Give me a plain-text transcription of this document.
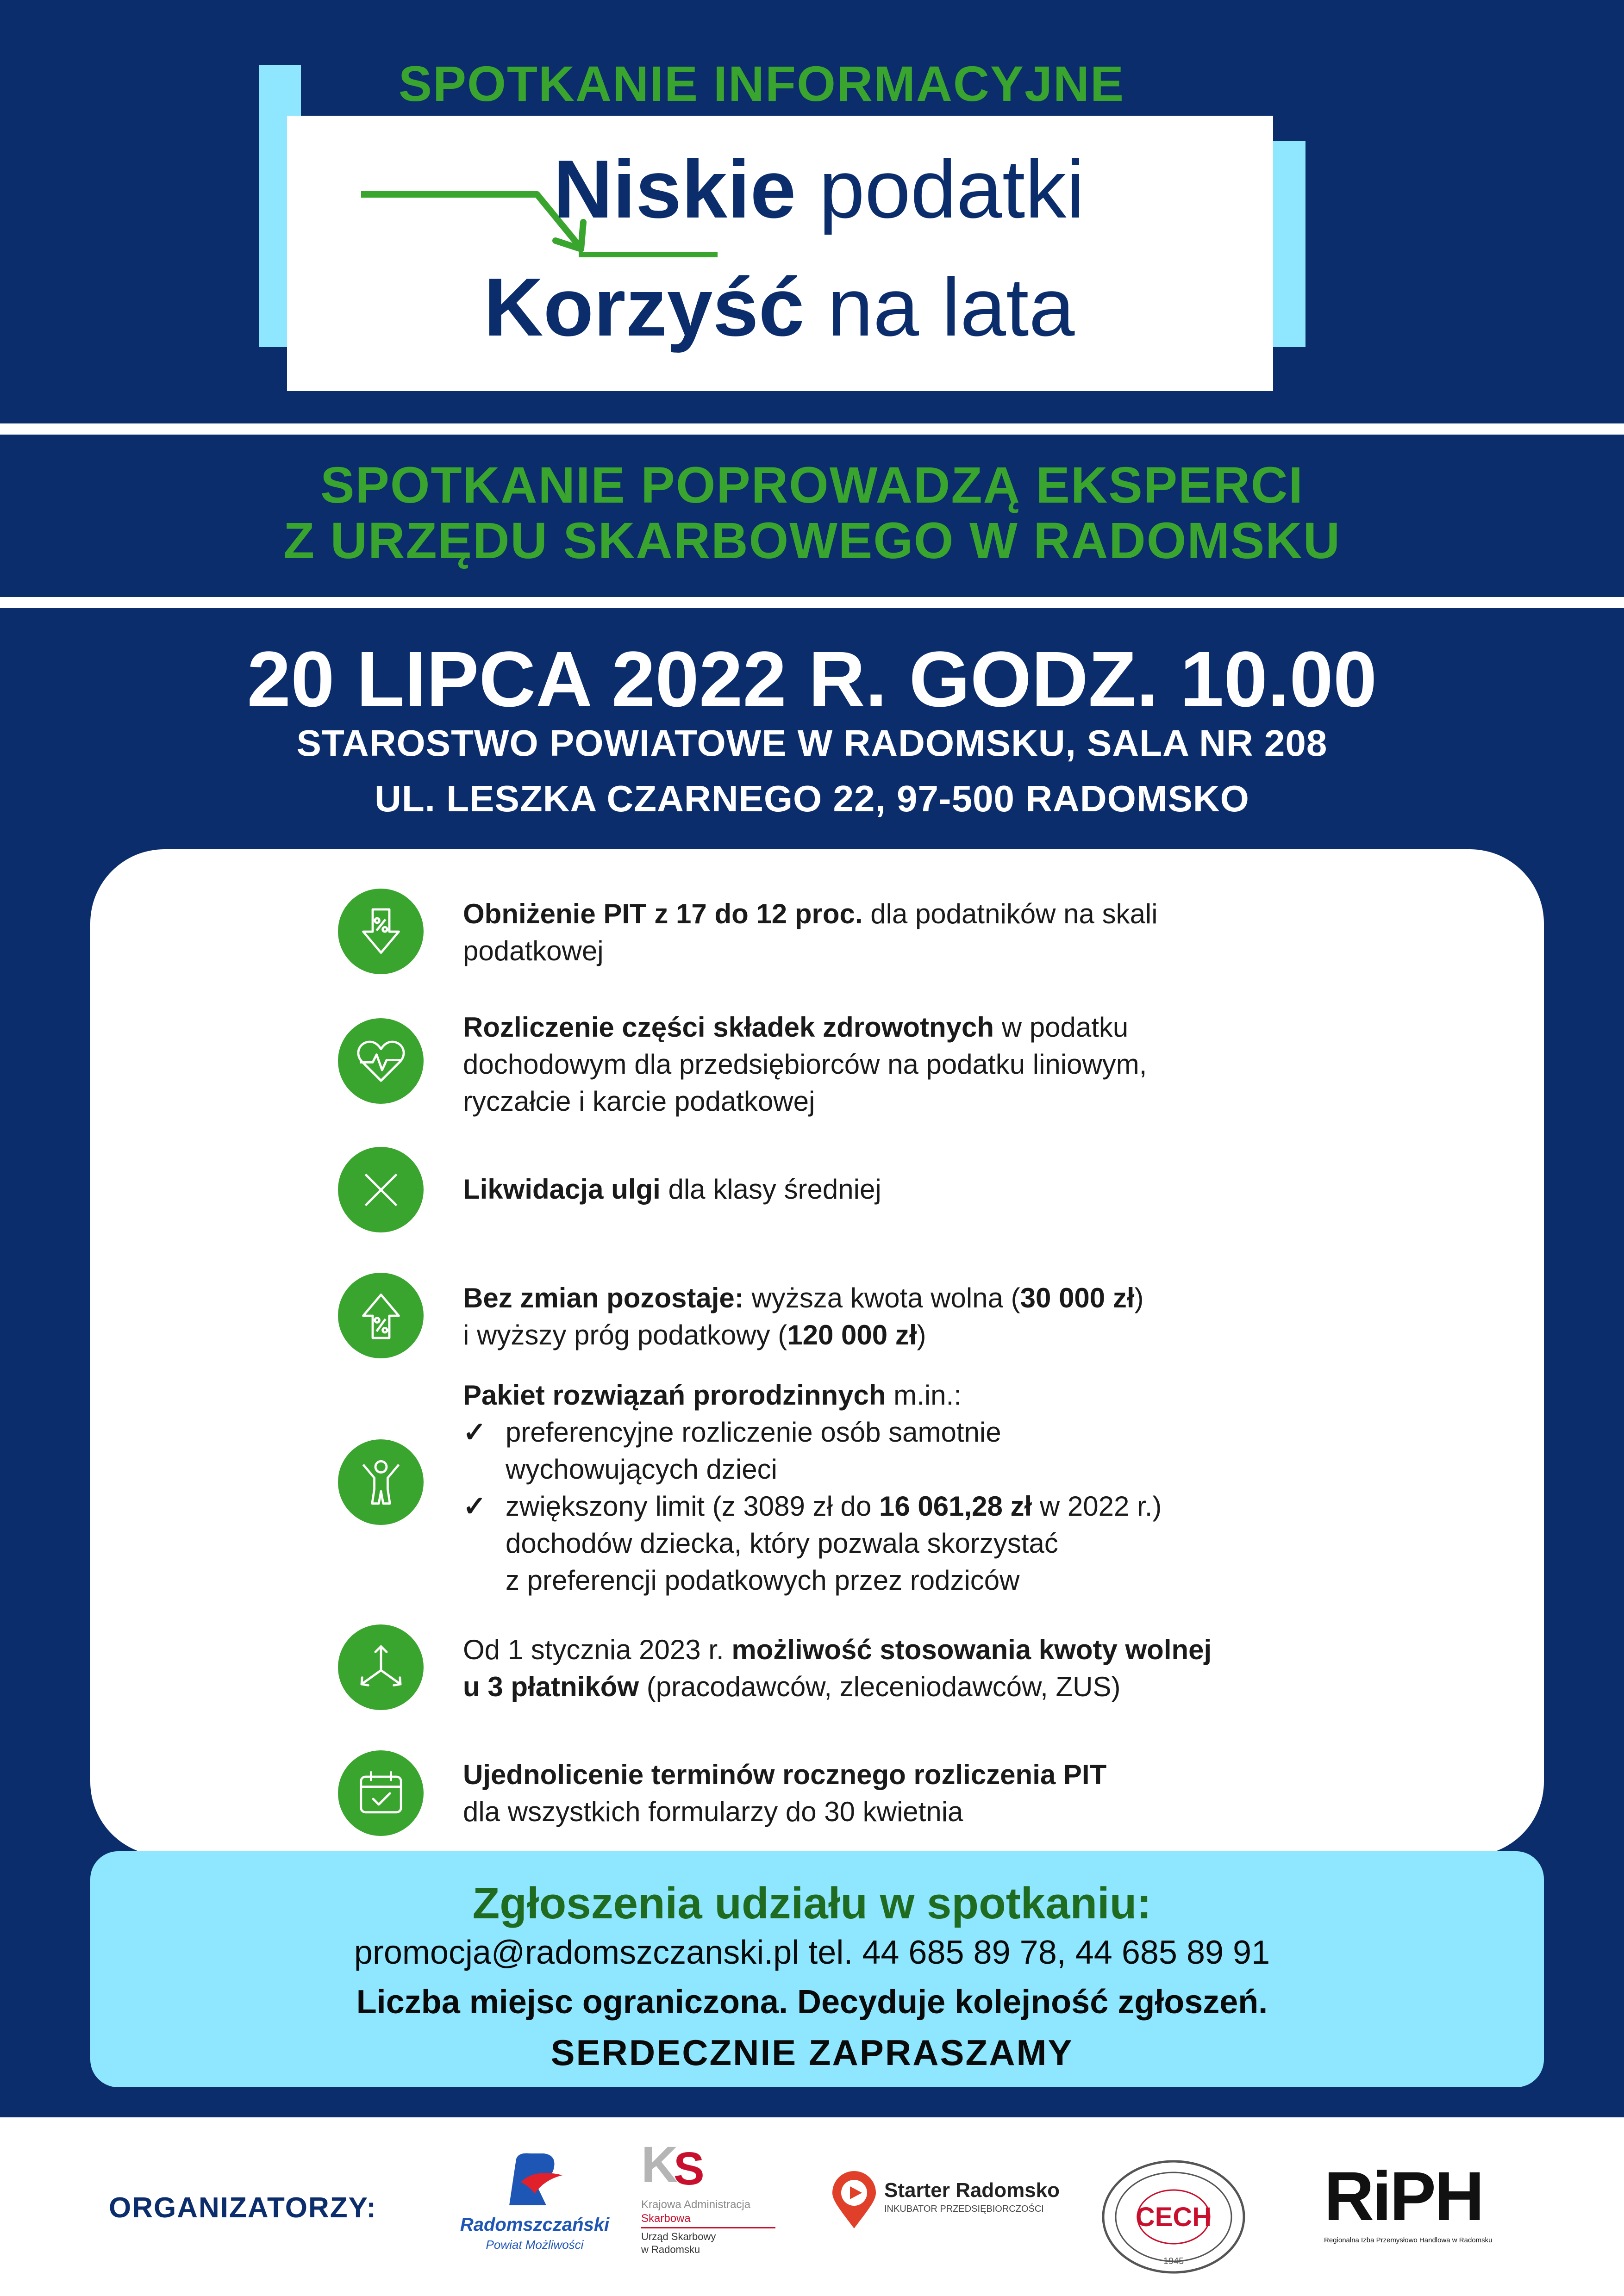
Niskie podatki
Korzyść na lata
SPOTKANIE INFORMACYJNE
SPOTKANIE POPROWADZĄ EKSPERCI
Z URZĘDU SKARBOWEGO W RADOMSKU
20 LIPCA 2022 R. GODZ. 10.00
STAROSTWO POWIATOWE W RADOMSKU, SALA NR 208
UL. LESZKA CZARNEGO 22, 97-500 RADOMSKO
Obniżenie PIT z 17 do 12 proc. dla podatników na skali
podatkowej
Rozliczenie części składek zdrowotnych w podatku
dochodowym dla przedsiębiorców na podatku liniowym,
ryczałcie i karcie podatkowej
Likwidacja ulgi dla klasy średniej
Bez zmian pozostaje: wyższa kwota wolna (30 000 zł)
i wyższy próg podatkowy (120 000 zł)
Pakiet rozwiązań prorodzinnych m.in.:
✓ preferencyjne rozliczenie osób samotnie
wychowujących dzieci
✓ zwiększony limit (z 3089 zł do 16 061,28 zł w 2022 r.)
dochodów dziecka, który pozwala skorzystać
z preferencji podatkowych przez rodziców
Od 1 stycznia 2023 r. możliwość stosowania kwoty wolnej
u 3 płatników (pracodawców, zleceniodawców, ZUS)
Ujednolicenie terminów rocznego rozliczenia PIT
dla wszystkich formularzy do 30 kwietnia
Zgłoszenia udziału w spotkaniu:
promocja@radomszczanski.pl tel. 44 685 89 78, 44 685 89 91
Liczba miejsc ograniczona. Decyduje kolejność zgłoszeń.
SERDECZNIE ZAPRASZAMY
ORGANIZATORZY:
Radomszczański
Powiat Możliwości
K
S
Krajowa Administracja
Skarbowa
Urząd Skarbowy
w Radomsku
Starter Radomsko
INKUBATOR PRZEDSIĘBIORCZOŚCI	CECH
1945
RiPH
Regionalna Izba Przemysłowo Handlowa w Radomsku
